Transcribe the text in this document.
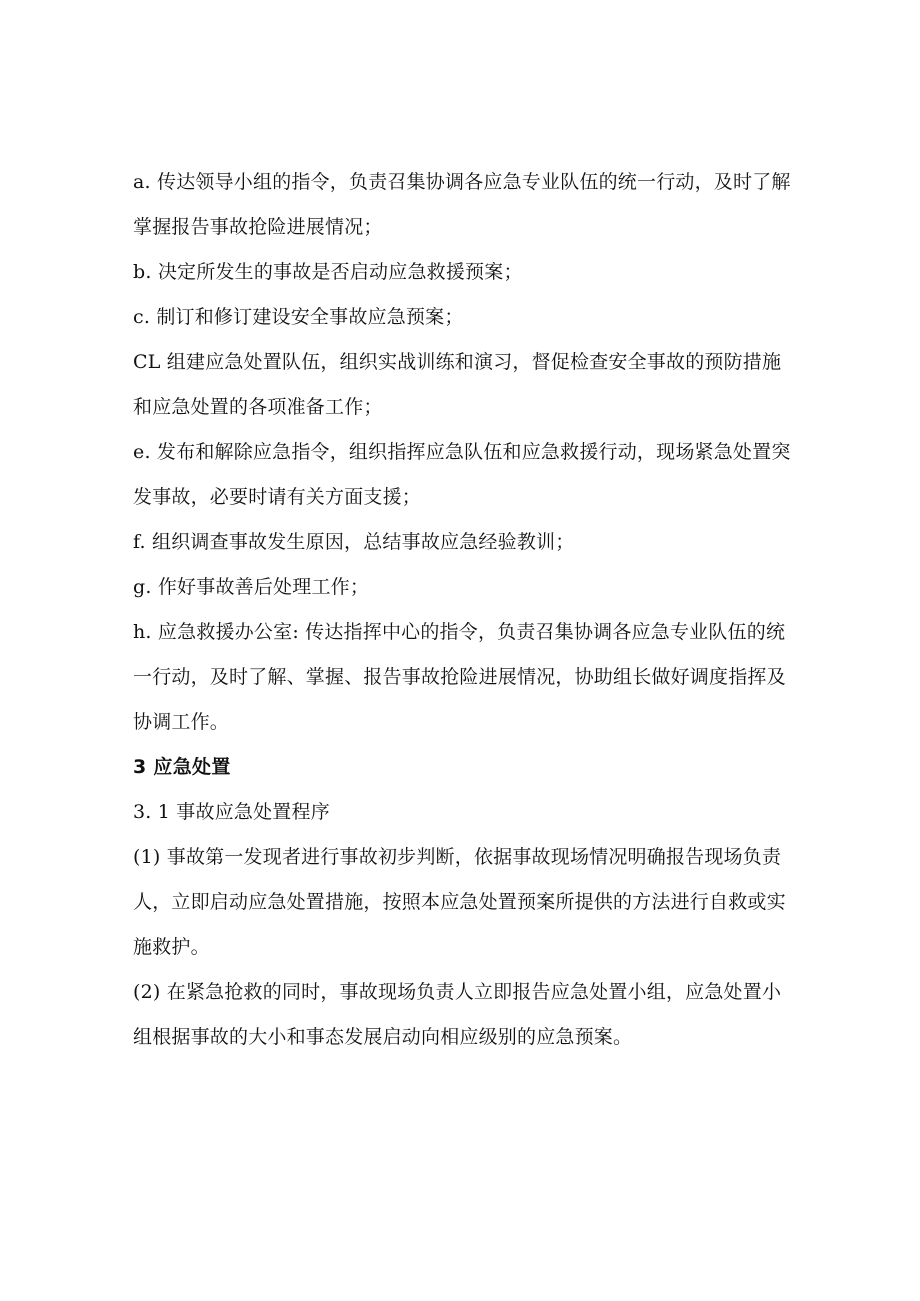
a. 传达领导小组的指令，负责召集协调各应急专业队伍的统一行动，及时了解掌握报告事故抢险进展情况；

b. 决定所发生的事故是否启动应急救援预案；

c. 制订和修订建设安全事故应急预案；

CL 组建应急处置队伍，组织实战训练和演习，督促检查安全事故的预防措施和应急处置的各项准备工作；

e. 发布和解除应急指令，组织指挥应急队伍和应急救援行动，现场紧急处置突发事故，必要时请有关方面支援；

f. 组织调查事故发生原因，总结事故应急经验教训；

g. 作好事故善后处理工作；

h. 应急救援办公室: 传达指挥中心的指令，负责召集协调各应急专业队伍的统一行动，及时了解、掌握、报告事故抢险进展情况，协助组长做好调度指挥及协调工作。

3 应急处置

3. 1 事故应急处置程序

(1) 事故第一发现者进行事故初步判断，依据事故现场情况明确报告现场负责人，立即启动应急处置措施，按照本应急处置预案所提供的方法进行自救或实施救护。

(2) 在紧急抢救的同时，事故现场负责人立即报告应急处置小组，应急处置小组根据事故的大小和事态发展启动向相应级别的应急预案。
